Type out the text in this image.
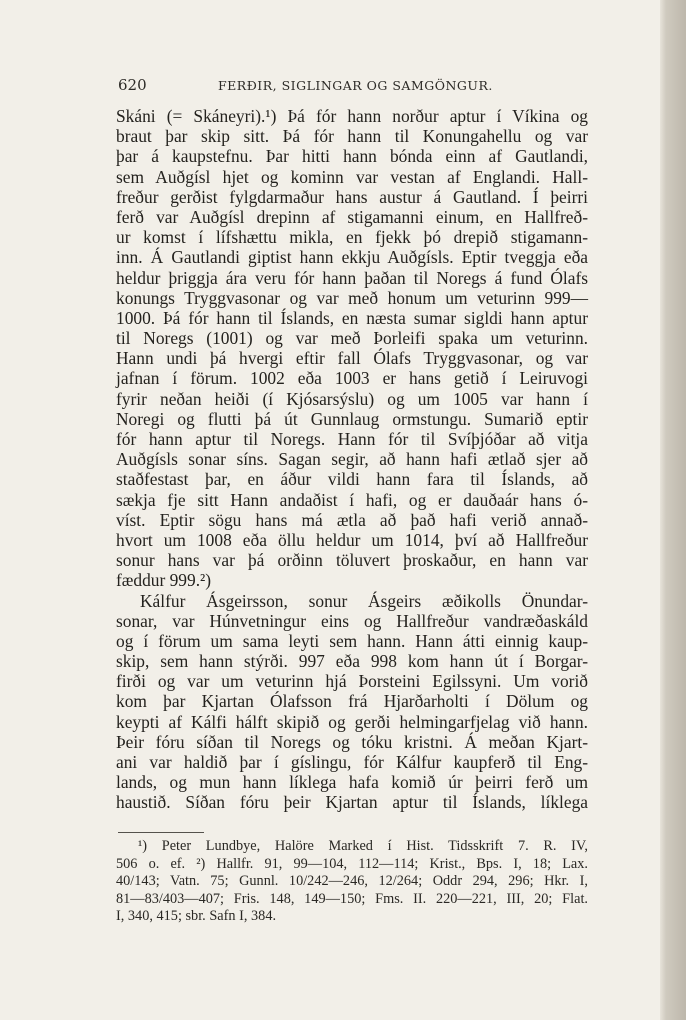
620	FERÐIR, SIGLINGAR OG SAMGÖNGUR.
Skáni (= Skáneyri).¹) Þá fór hann norður aptur í Víkina og
braut þar skip sitt. Þá fór hann til Konungahellu og var
þar á kaupstefnu. Þar hitti hann bónda einn af Gautlandi,
sem Auðgísl hjet og kominn var vestan af Englandi. Hall-
freður gerðist fylgdarmaður hans austur á Gautland. Í þeirri
ferð var Auðgísl drepinn af stigamanni einum, en Hallfreð-
ur komst í lífshættu mikla, en fjekk þó drepið stigamann-
inn. Á Gautlandi giptist hann ekkju Auðgísls. Eptir tveggja eða
heldur þriggja ára veru fór hann þaðan til Noregs á fund Ólafs
konungs Tryggvasonar og var með honum um veturinn 999—
1000. Þá fór hann til Íslands, en næsta sumar sigldi hann aptur
til Noregs (1001) og var með Þorleifi spaka um veturinn.
Hann undi þá hvergi eftir fall Ólafs Tryggvasonar, og var
jafnan í förum. 1002 eða 1003 er hans getið í Leiruvogi
fyrir neðan heiði (í Kjósarsýslu) og um 1005 var hann í
Noregi og flutti þá út Gunnlaug ormstungu. Sumarið eptir
fór hann aptur til Noregs. Hann fór til Svíþjóðar að vitja
Auðgísls sonar síns. Sagan segir, að hann hafi ætlað sjer að
staðfestast þar, en áður vildi hann fara til Íslands, að
sækja fje sitt Hann andaðist í hafi, og er dauðaár hans ó-
víst. Eptir sögu hans má ætla að það hafi verið annað-
hvort um 1008 eða öllu heldur um 1014, því að Hallfreður
sonur hans var þá orðinn töluvert þroskaður, en hann var
fæddur 999.²)
Kálfur Ásgeirsson, sonur Ásgeirs æðikolls Önundar-
sonar, var Húnvetningur eins og Hallfreður vandræðaskáld
og í förum um sama leyti sem hann. Hann átti einnig kaup-
skip, sem hann stýrði. 997 eða 998 kom hann út í Borgar-
firði og var um veturinn hjá Þorsteini Egilssyni. Um vorið
kom þar Kjartan Ólafsson frá Hjarðarholti í Dölum og
keypti af Kálfi hálft skipið og gerði helmingarfjelag við hann.
Þeir fóru síðan til Noregs og tóku kristni. Á meðan Kjart-
ani var haldið þar í gíslingu, fór Kálfur kaupferð til Eng-
lands, og mun hann líklega hafa komið úr þeirri ferð um
haustið. Síðan fóru þeir Kjartan aptur til Íslands, líklega
¹) Peter Lundbye, Halöre Marked í Hist. Tidsskrift 7. R. IV,
506 o. ef. ²) Hallfr. 91, 99—104, 112—114; Krist., Bps. I, 18; Lax.
40/143; Vatn. 75; Gunnl. 10/242—246, 12/264; Oddr 294, 296; Hkr. I,
81—83/403—407; Fris. 148, 149—150; Fms. II. 220—221, III, 20; Flat.
I, 340, 415; sbr. Safn I, 384.
